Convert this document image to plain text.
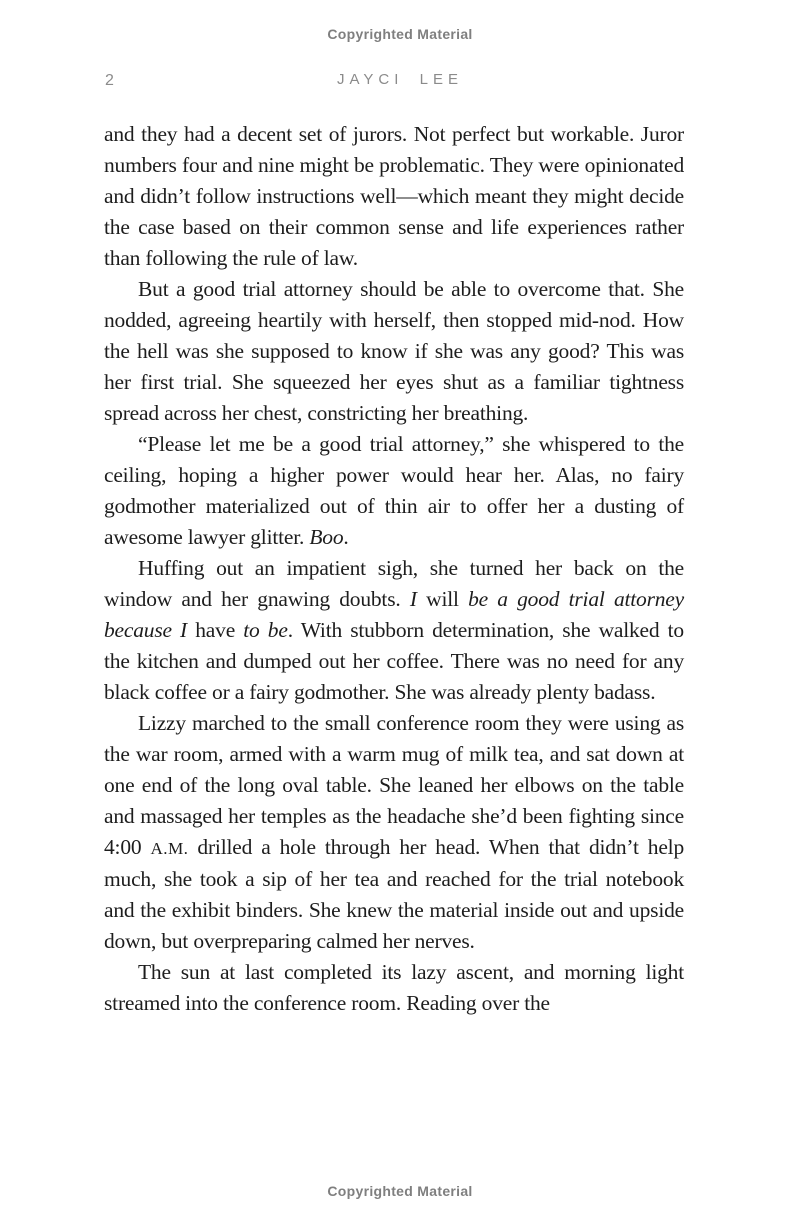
Copyrighted Material
2	JAYCI LEE

and they had a decent set of jurors. Not perfect but workable. Juror numbers four and nine might be problematic. They were opinionated and didn’t follow instructions well—which meant they might decide the case based on their common sense and life experiences rather than following the rule of law.

But a good trial attorney should be able to overcome that. She nodded, agreeing heartily with herself, then stopped mid-nod. How the hell was she supposed to know if she was any good? This was her first trial. She squeezed her eyes shut as a familiar tightness spread across her chest, constricting her breathing.

“Please let me be a good trial attorney,” she whispered to the ceiling, hoping a higher power would hear her. Alas, no fairy godmother materialized out of thin air to offer her a dusting of awesome lawyer glitter. Boo.

Huffing out an impatient sigh, she turned her back on the window and her gnawing doubts. I will be a good trial attorney because I have to be. With stubborn determination, she walked to the kitchen and dumped out her coffee. There was no need for any black coffee or a fairy godmother. She was already plenty badass.

Lizzy marched to the small conference room they were using as the war room, armed with a warm mug of milk tea, and sat down at one end of the long oval table. She leaned her elbows on the table and massaged her temples as the headache she’d been fighting since 4:00 A.M. drilled a hole through her head. When that didn’t help much, she took a sip of her tea and reached for the trial notebook and the exhibit binders. She knew the material inside out and upside down, but overpreparing calmed her nerves.

The sun at last completed its lazy ascent, and morning light streamed into the conference room. Reading over the

Copyrighted Material
